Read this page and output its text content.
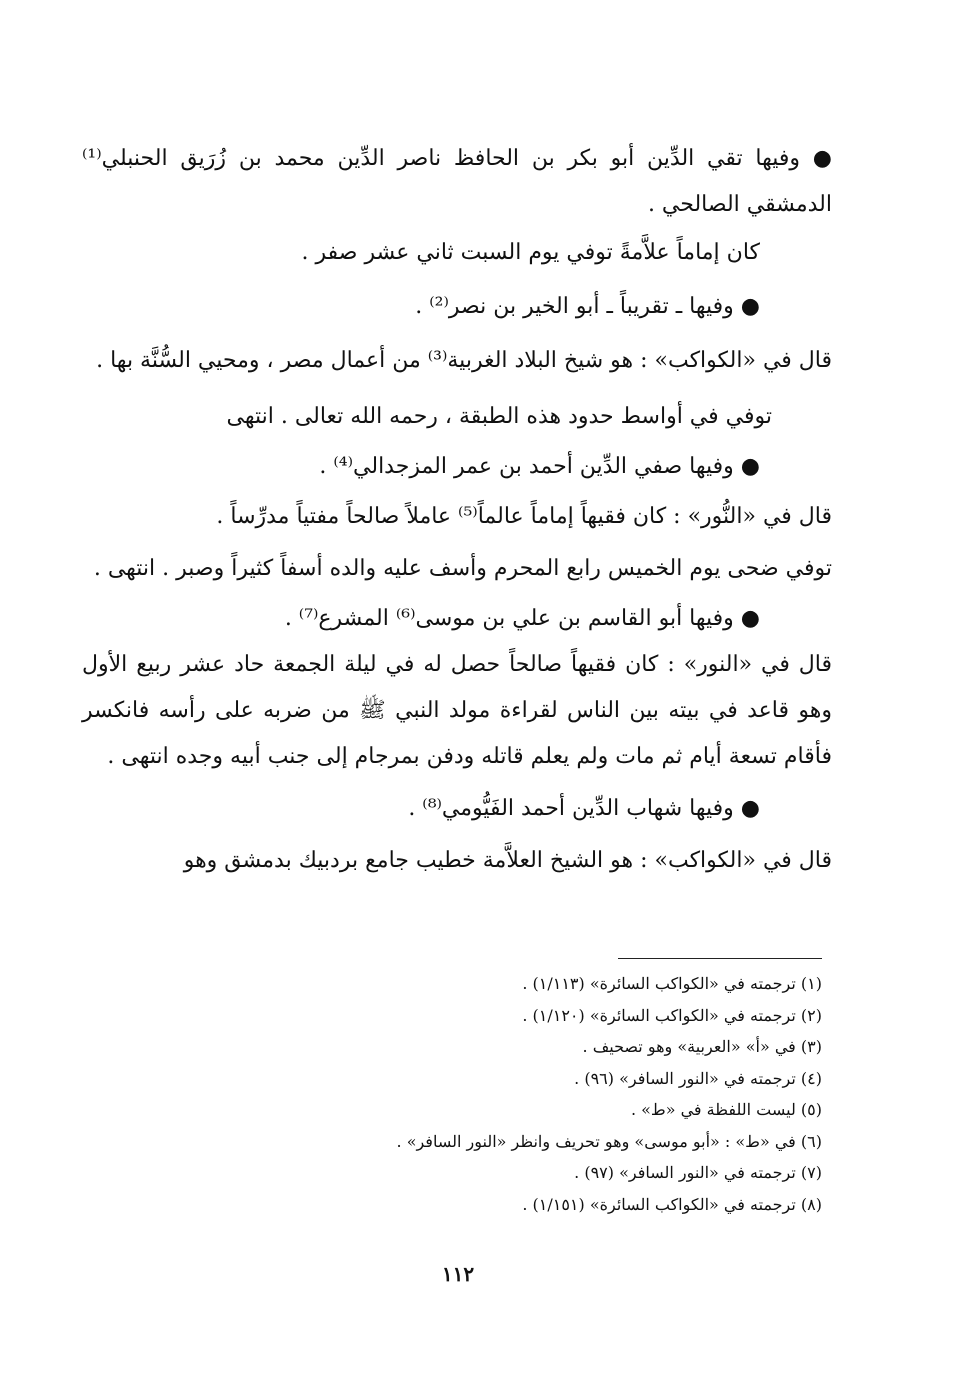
● وفيها تقي الدِّين أبو بكر بن الحافظ ناصر الدِّين محمد بن زُرَيق الحنبلي⁽¹⁾ الدمشقي الصالحي .

كان إماماً علاَّمةً توفي يوم السبت ثاني عشر صفر .

● وفيها ـ تقريباً ـ أبو الخير بن نصر⁽²⁾ .

قال في «الكواكب» : هو شيخ البلاد الغربية⁽³⁾ من أعمال مصر ، ومحيي السُّنَّة بها .

توفي في أواسط حدود هذه الطبقة ، رحمه الله تعالى . انتهى

● وفيها صفي الدِّين أحمد بن عمر المزجدالي⁽⁴⁾ .

قال في «النُّور» : كان فقيهاً إماماً عالماً⁽⁵⁾ عاملاً صالحاً مفتياً مدرِّساً .

توفي ضحى يوم الخميس رابع المحرم وأسف عليه والده أسفاً كثيراً وصبر . انتهى .

● وفيها أبو القاسم بن علي بن موسى⁽⁶⁾ المشرع⁽⁷⁾ .

قال في «النور» : كان فقيهاً صالحاً حصل له في ليلة الجمعة حاد عشر ربيع الأول وهو قاعد في بيته بين الناس لقراءة مولد النبي ﷺ من ضربه على رأسه فانكسر فأقام تسعة أيام ثم مات ولم يعلم قاتله ودفن بمرجام إلى جنب أبيه وجده انتهى .

● وفيها شهاب الدِّين أحمد الفَيُّومي⁽⁸⁾ .

قال في «الكواكب» : هو الشيخ العلاَّمة خطيب جامع بردبيك بدمشق وهو

(١) ترجمته في «الكواكب السائرة» (١/١١٣) .

(٢) ترجمته في «الكواكب السائرة» (١/١٢٠) .

(٣) في «أ» «العربية» وهو تصحيف .

(٤) ترجمته في «النور السافر» (٩٦) .

(٥) ليست اللفظة في «ط» .

(٦) في «ط» : «أبو موسى» وهو تحريف وانظر «النور السافر» .

(٧) ترجمته في «النور السافر» (٩٧) .

(٨) ترجمته في «الكواكب السائرة» (١/١٥١) .

١١٢
